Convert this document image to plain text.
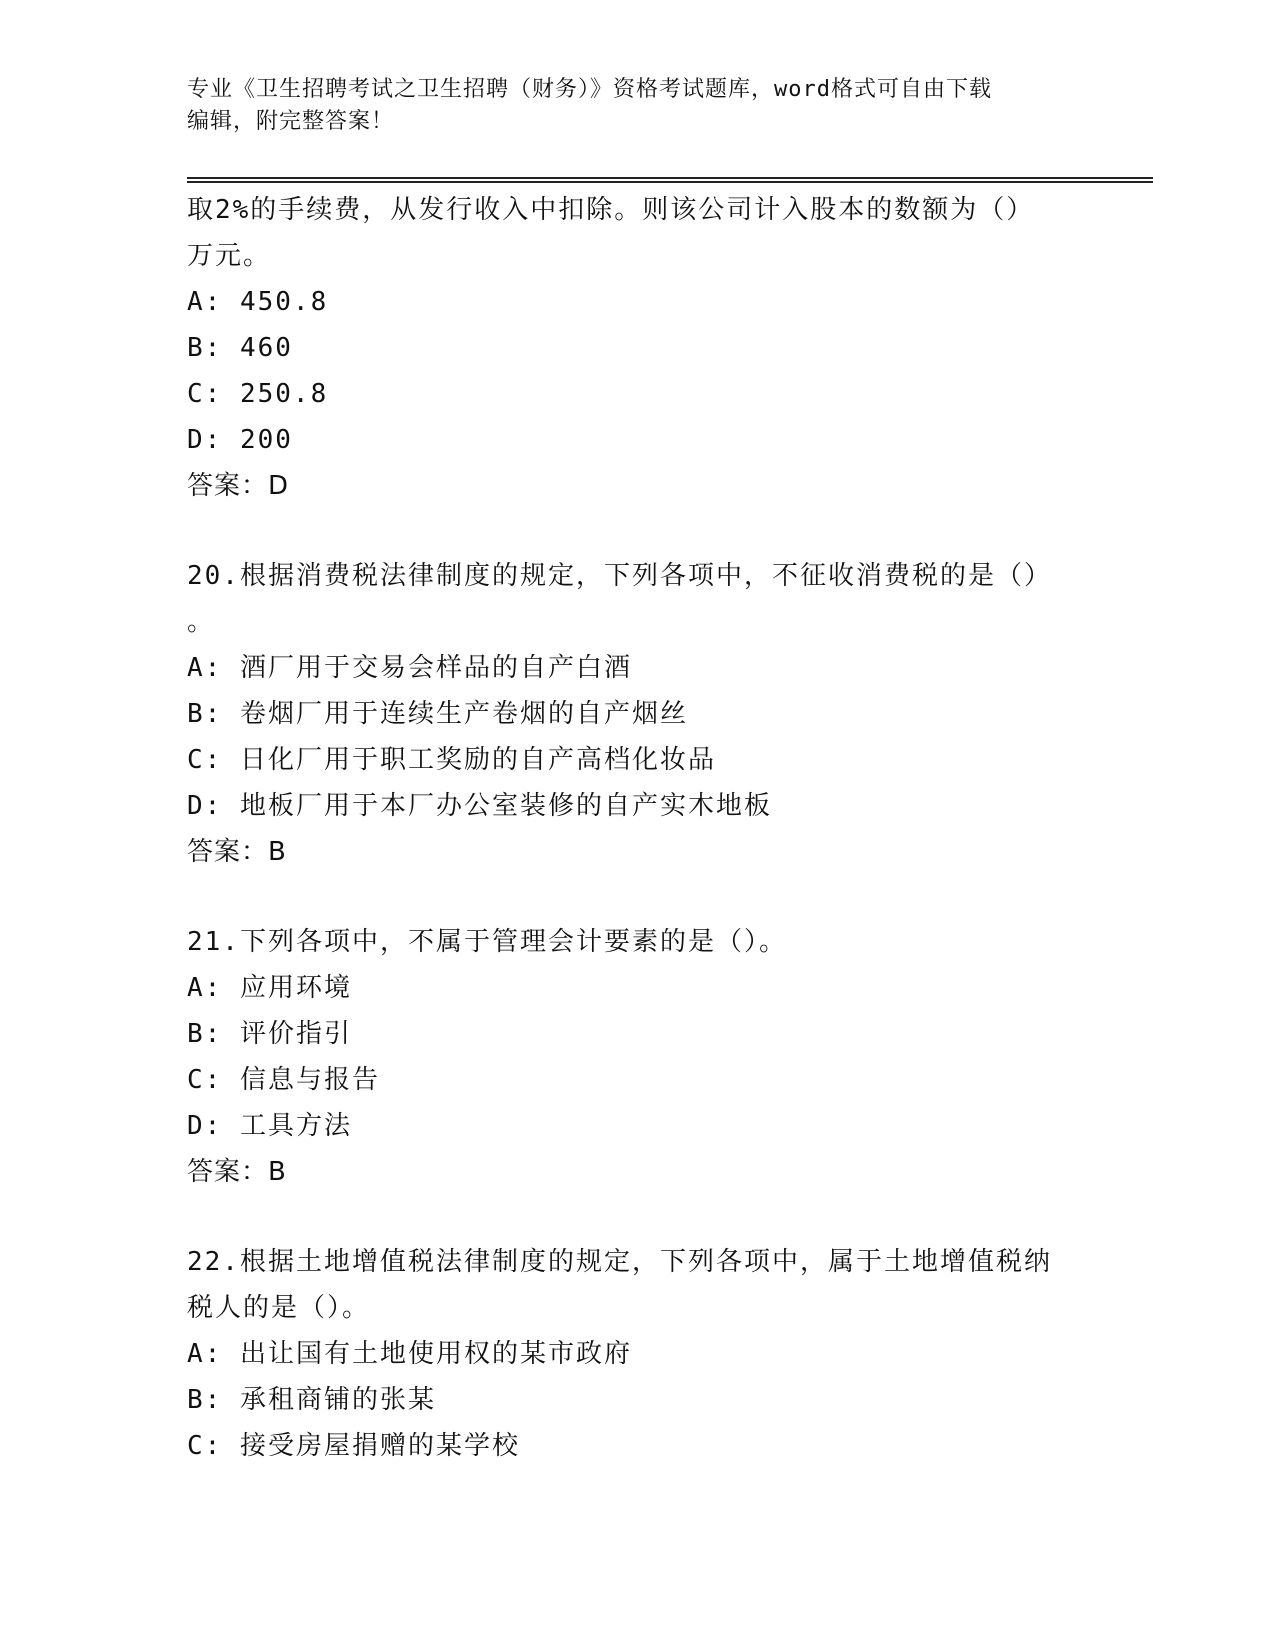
专业《卫生招聘考试之卫生招聘（财务）》资格考试题库，word格式可自由下载
编辑，附完整答案！
取2%的手续费，从发行收入中扣除。则该公司计入股本的数额为（）
万元。
A: 450.8
B: 460
C: 250.8
D: 200
答案：D
20.根据消费税法律制度的规定，下列各项中，不征收消费税的是（）
。
A: 酒厂用于交易会样品的自产白酒
B: 卷烟厂用于连续生产卷烟的自产烟丝
C: 日化厂用于职工奖励的自产高档化妆品
D: 地板厂用于本厂办公室装修的自产实木地板
答案：B
21.下列各项中，不属于管理会计要素的是（）。
A: 应用环境
B: 评价指引
C: 信息与报告
D: 工具方法
答案：B
22.根据土地增值税法律制度的规定，下列各项中，属于土地增值税纳
税人的是（）。
A: 出让国有土地使用权的某市政府
B: 承租商铺的张某
C: 接受房屋捐赠的某学校
